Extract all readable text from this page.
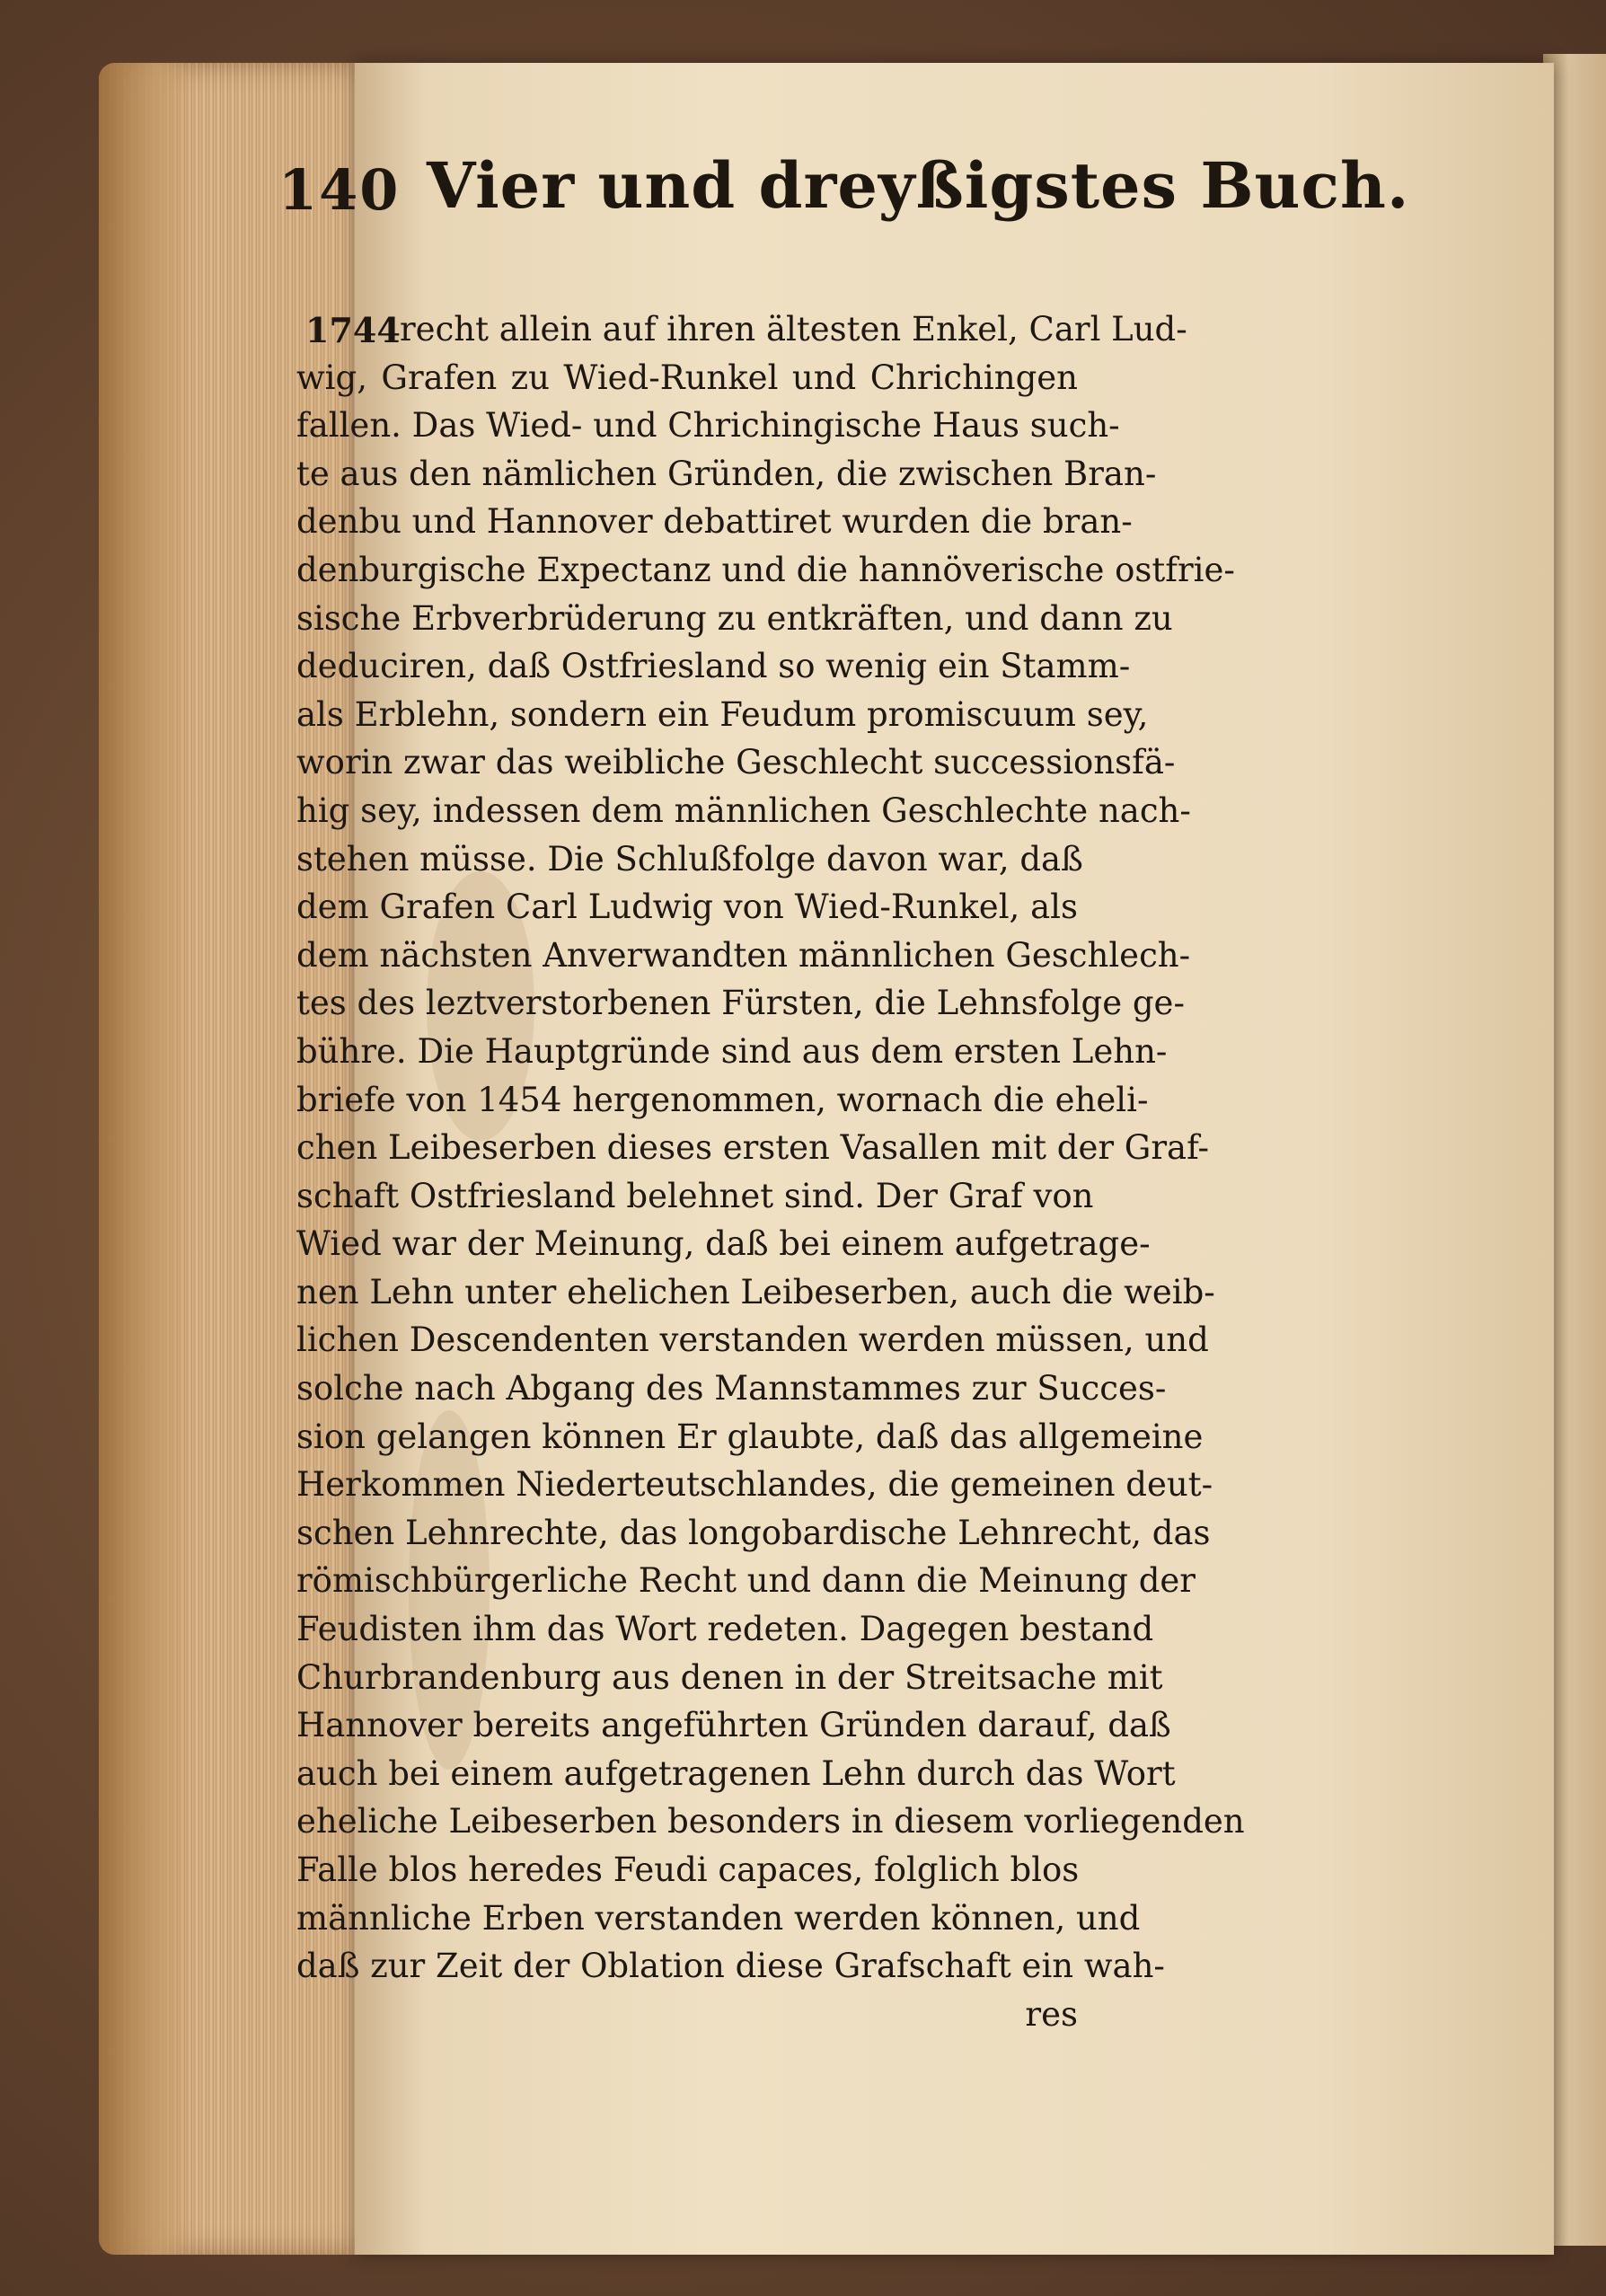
140 Vier und dreyßigstes Buch.
1744 recht allein auf ihren ältesten Enkel, Carl Lud-
wig, Grafen zu Wied-Runkel und Chrichingen
fallen. Das Wied- und Chrichingische Haus such-
te aus den nämlichen Gründen, die zwischen Bran-
denbu und Hannover debattiret wurden die bran-
denburgische Expectanz und die hannöverische ostfrie-
sische Erbverbrüderung zu entkräften, und dann zu
deduciren, daß Ostfriesland so wenig ein Stamm-
als Erblehn, sondern ein Feudum promiscuum sey,
worin zwar das weibliche Geschlecht successionsfä-
hig sey, indessen dem männlichen Geschlechte nach-
stehen müsse. Die Schlußfolge davon war, daß
dem Grafen Carl Ludwig von Wied-Runkel, als
dem nächsten Anverwandten männlichen Geschlech-
tes des leztverstorbenen Fürsten, die Lehnsfolge ge-
bühre. Die Hauptgründe sind aus dem ersten Lehn-
briefe von 1454 hergenommen, wornach die eheli-
chen Leibeserben dieses ersten Vasallen mit der Graf-
schaft Ostfriesland belehnet sind. Der Graf von
Wied war der Meinung, daß bei einem aufgetrage-
nen Lehn unter ehelichen Leibeserben, auch die weib-
lichen Descendenten verstanden werden müssen, und
solche nach Abgang des Mannstammes zur Succes-
sion gelangen können Er glaubte, daß das allgemeine
Herkommen Niederteutschlandes, die gemeinen deut-
schen Lehnrechte, das longobardische Lehnrecht, das
römischbürgerliche Recht und dann die Meinung der
Feudisten ihm das Wort redeten. Dagegen bestand
Churbrandenburg aus denen in der Streitsache mit
Hannover bereits angeführten Gründen darauf, daß
auch bei einem aufgetragenen Lehn durch das Wort
eheliche Leibeserben besonders in diesem vorliegenden
Falle blos heredes Feudi capaces, folglich blos
männliche Erben verstanden werden können, und
daß zur Zeit der Oblation diese Grafschaft ein wah-
res
